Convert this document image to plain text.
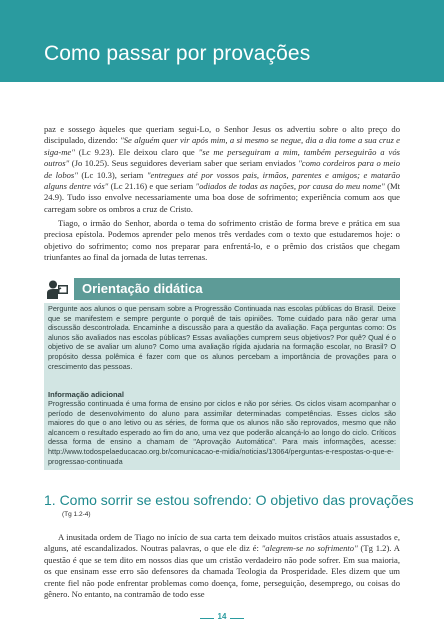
Como passar por provações

paz e sossego àqueles que queriam segui-Lo, o Senhor Jesus os advertiu sobre o alto preço do discipulado, dizendo: "Se alguém quer vir após mim, a si mesmo se negue, dia a dia tome a sua cruz e siga-me" (Lc 9.23). Ele deixou claro que "se me perseguiram a mim, também perseguirão a vós outros" (Jo 10.25). Seus seguidores deveriam saber que seriam enviados "como cordeiros para o meio de lobos" (Lc 10.3), seriam "entregues até por vossos pais, irmãos, parentes e amigos; e matarão alguns dentre vós" (Lc 21.16) e que seriam "odiados de todas as nações, por causa do meu nome" (Mt 24.9). Tudo isso envolve necessariamente uma boa dose de sofrimento; experiência comum aos que carregam sobre os ombros a cruz de Cristo.

Tiago, o irmão do Senhor, aborda o tema do sofrimento cristão de forma breve e prática em sua preciosa epístola. Podemos aprender pelo menos três verdades com o texto que estudaremos hoje: o objetivo do sofrimento; como nos preparar para enfrentá-lo, e o prêmio dos cristãos que chegam triunfantes ao final da jornada de lutas terrenas.
Orientação didática
Pergunte aos alunos o que pensam sobre a Progressão Continuada nas escolas públicas do Brasil. Deixe que se manifestem e sempre pergunte o porquê de tais opiniões. Tome cuidado para não gerar uma discussão descontrolada. Encaminhe a discussão para a questão da avaliação. Faça perguntas como: Os alunos são avaliados nas escolas públicas? Essas avaliações cumprem seus objetivos? Por quê? Qual é o objetivo de se avaliar um aluno? Como uma avaliação rígida ajudaria na formação escolar, no Brasil? O propósito dessa polêmica é fazer com que os alunos percebam a importância de provações para o crescimento das pessoas.
Informação adicional
Progressão continuada é uma forma de ensino por ciclos e não por séries. Os ciclos visam acompanhar o período de desenvolvimento do aluno para assimilar determinadas competências. Esses ciclos são maiores do que o ano letivo ou as séries, de forma que os alunos não são reprovados, mesmo que não alcancem o resultado esperado ao fim do ano, uma vez que poderão alcançá-lo ao longo do ciclo. Críticos dessa forma de ensino a chamam de "Aprovação Automática". Para mais informações, acesse: http://www.todospelaeducacao.org.br/comunicacao-e-midia/noticias/13064/perguntas-e-respostas-o-que-e-progressao-continuada
1. Como sorrir se estou sofrendo: O objetivo das provações
(Tg 1.2-4)

A inusitada ordem de Tiago no início de sua carta tem deixado muitos cristãos atuais assustados e, alguns, até escandalizados. Noutras palavras, o que ele diz é: "alegrem-se no sofrimento" (Tg 1.2). A questão é que se tem dito em nossos dias que um cristão verdadeiro não pode sofrer. Em sua maioria, os que ensinam esse erro são defensores da chamada Teologia da Prosperidade. Eles dizem que um crente fiel não pode enfrentar problemas como doença, fome, perseguição, desemprego, ou coisas do gênero. No entanto, na contramão de todo esse

14
